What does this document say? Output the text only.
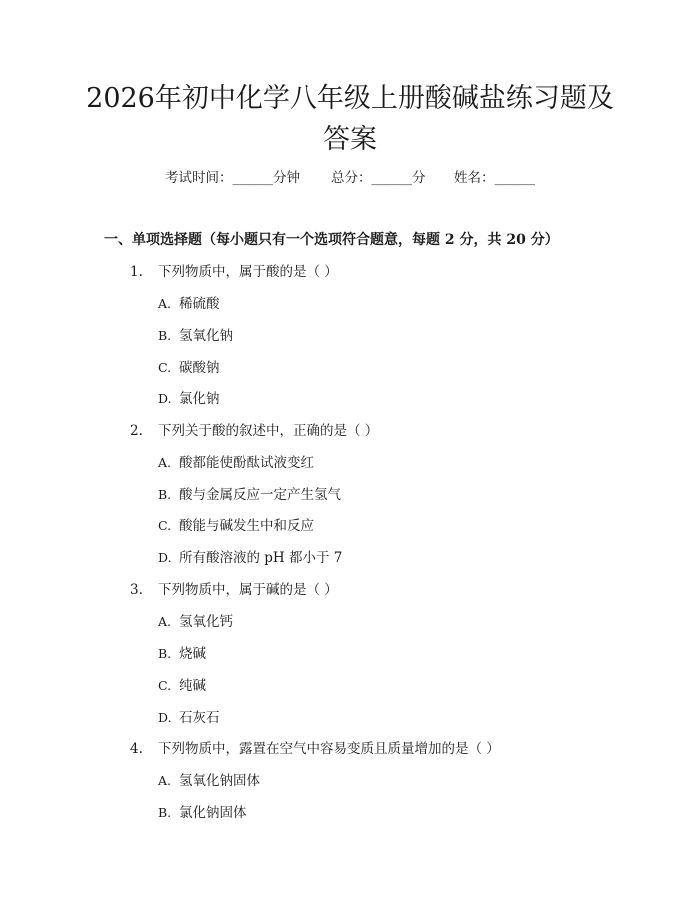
2026年初中化学八年级上册酸碱盐练习题及
答案
考试时间：______分钟 总分：______分 姓名：______
一、单项选择题（每小题只有一个选项符合题意，每题 2 分，共 20 分）
1. 下列物质中，属于酸的是（ ）
A. 稀硫酸
B. 氢氧化钠
C. 碳酸钠
D. 氯化钠
2. 下列关于酸的叙述中，正确的是（ ）
A. 酸都能使酚酞试液变红
B. 酸与金属反应一定产生氢气
C. 酸能与碱发生中和反应
D. 所有酸溶液的 pH 都小于 7
3. 下列物质中，属于碱的是（ ）
A. 氢氧化钙
B. 烧碱
C. 纯碱
D. 石灰石
4. 下列物质中，露置在空气中容易变质且质量增加的是（ ）
A. 氢氧化钠固体
B. 氯化钠固体
